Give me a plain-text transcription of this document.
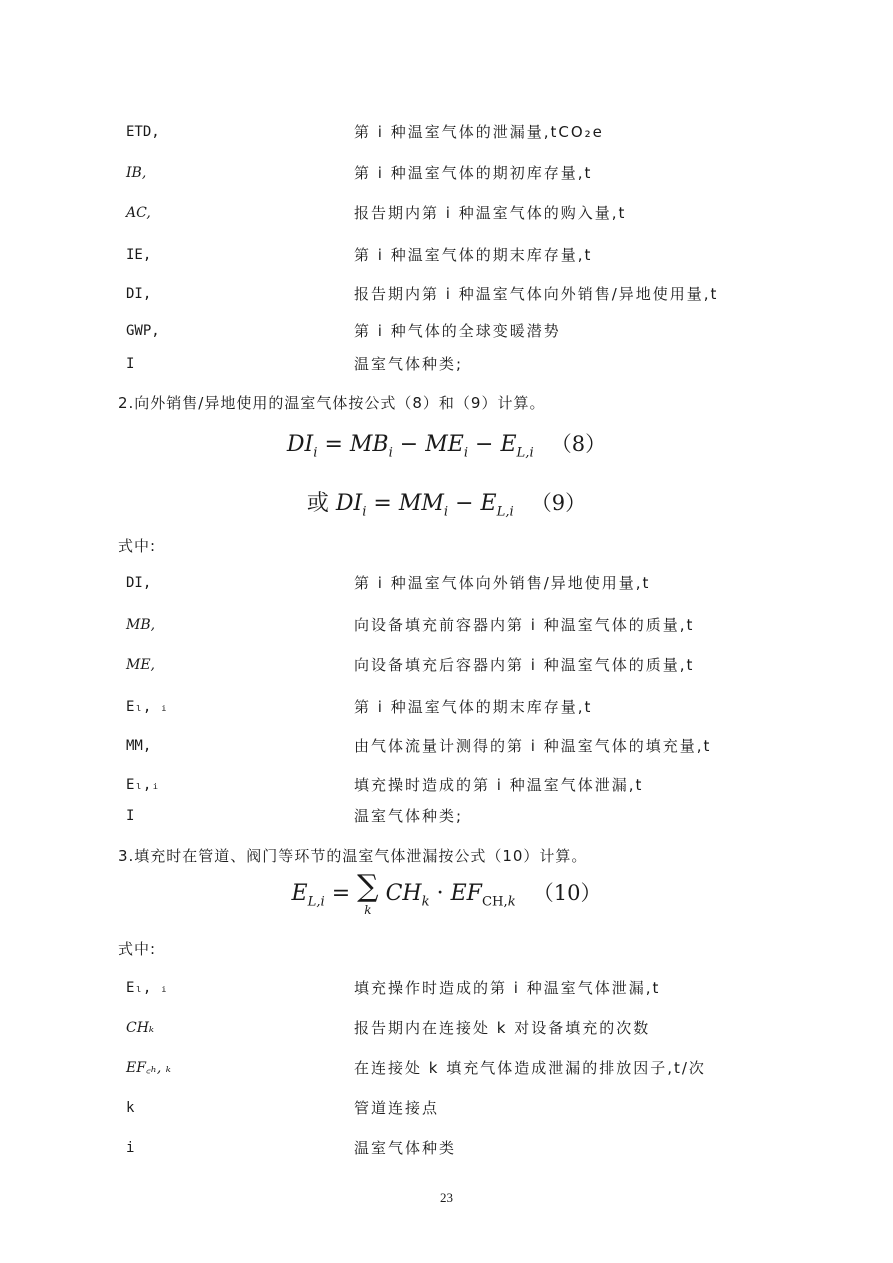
ETD,	第 i 种温室气体的泄漏量,tCO₂e
IB,	第 i 种温室气体的期初库存量,t
AC,	报告期内第 i 种温室气体的购入量,t
IE,	第 i 种温室气体的期末库存量,t
DI,	报告期内第 i 种温室气体向外销售/异地使用量,t
GWP,	第 i 种气体的全球变暖潜势
I	温室气体种类;
2.向外销售/异地使用的温室气体按公式（8）和（9）计算。
$DI_i = MB_i - ME_i - E_{L,i}$ （8）
或 $DI_i = MM_i - E_{L,i}$ （9）
式中:
DI,	第 i 种温室气体向外销售/异地使用量,t
MB,	向设备填充前容器内第 i 种温室气体的质量,t
ME,	向设备填充后容器内第 i 种温室气体的质量,t
Eₗ, ᵢ	第 i 种温室气体的期末库存量,t
MM,	由气体流量计测得的第 i 种温室气体的填充量,t
Eₗ,ᵢ	填充操时造成的第 i 种温室气体泄漏,t
I	温室气体种类;
3.填充时在管道、阀门等环节的温室气体泄漏按公式（10）计算。
$E_{L,i}$ = ∑
k
$CH_k \cdot EF_{CH,k}$ （10）
式中:
Eₗ, ᵢ	填充操作时造成的第 i 种温室气体泄漏,t
CHₖ	报告期内在连接处 k 对设备填充的次数
EF꜀ₕ, ₖ	在连接处 k 填充气体造成泄漏的排放因子,t/次
k	管道连接点
i	温室气体种类
23
